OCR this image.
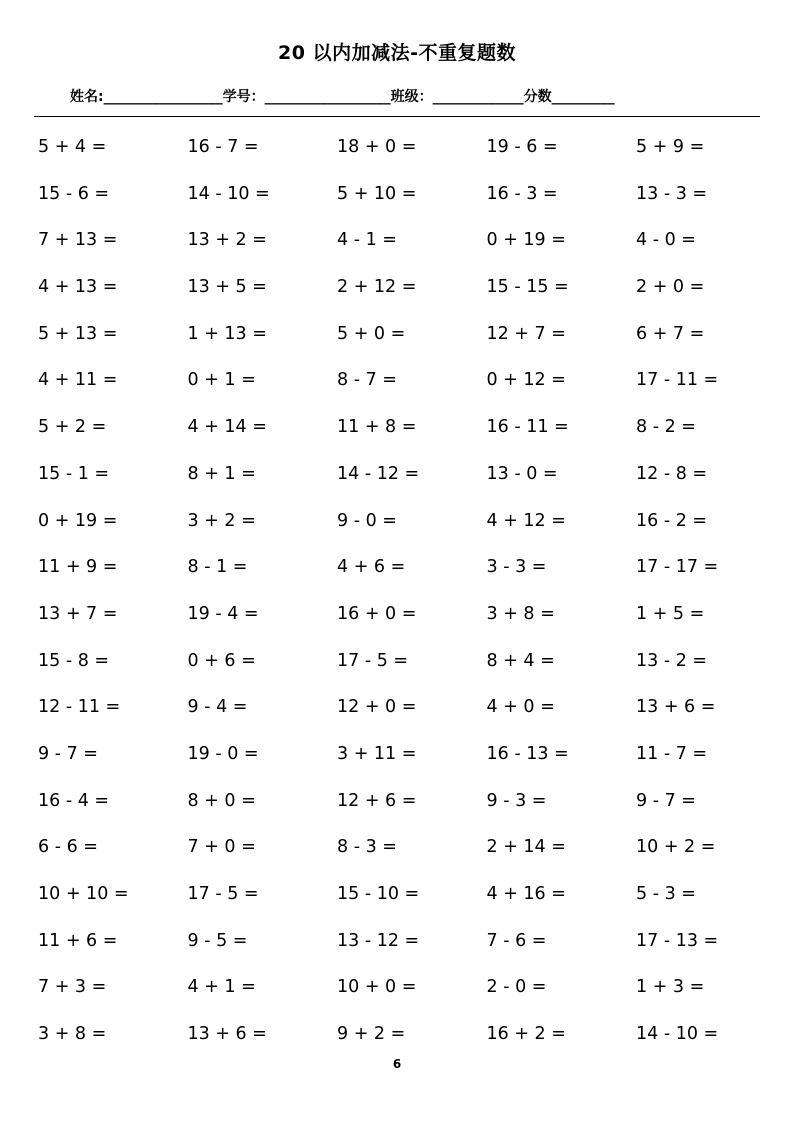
20 以内加减法-不重复题数
姓名:_________________学号：__________________班级：_____________分数_________
5 + 4 =	16 - 7 =	18 + 0 =	19 - 6 =	5 + 9 =
15 - 6 =	14 - 10 =	5 + 10 =	16 - 3 =	13 - 3 =
7 + 13 =	13 + 2 =	4 - 1 =	0 + 19 =	4 - 0 =
4 + 13 =	13 + 5 =	2 + 12 =	15 - 15 =	2 + 0 =
5 + 13 =	1 + 13 =	5 + 0 =	12 + 7 =	6 + 7 =
4 + 11 =	0 + 1 =	8 - 7 =	0 + 12 =	17 - 11 =
5 + 2 =	4 + 14 =	11 + 8 =	16 - 11 =	8 - 2 =
15 - 1 =	8 + 1 =	14 - 12 =	13 - 0 =	12 - 8 =
0 + 19 =	3 + 2 =	9 - 0 =	4 + 12 =	16 - 2 =
11 + 9 =	8 - 1 =	4 + 6 =	3 - 3 =	17 - 17 =
13 + 7 =	19 - 4 =	16 + 0 =	3 + 8 =	1 + 5 =
15 - 8 =	0 + 6 =	17 - 5 =	8 + 4 =	13 - 2 =
12 - 11 =	9 - 4 =	12 + 0 =	4 + 0 =	13 + 6 =
9 - 7 =	19 - 0 =	3 + 11 =	16 - 13 =	11 - 7 =
16 - 4 =	8 + 0 =	12 + 6 =	9 - 3 =	9 - 7 =
6 - 6 =	7 + 0 =	8 - 3 =	2 + 14 =	10 + 2 =
10 + 10 =	17 - 5 =	15 - 10 =	4 + 16 =	5 - 3 =
11 + 6 =	9 - 5 =	13 - 12 =	7 - 6 =	17 - 13 =
7 + 3 =	4 + 1 =	10 + 0 =	2 - 0 =	1 + 3 =
3 + 8 =	13 + 6 =	9 + 2 =	16 + 2 =	14 - 10 =
6
